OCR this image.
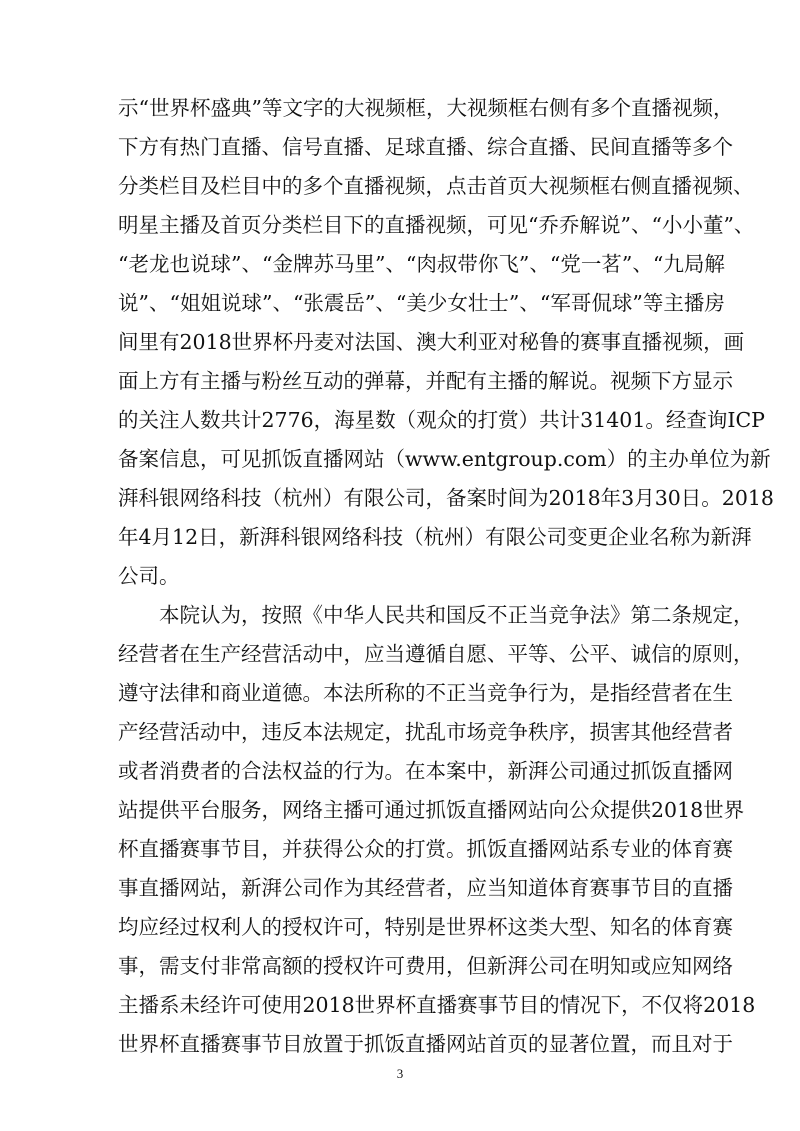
示“世界杯盛典”等文字的大视频框，大视频框右侧有多个直播视频，
下方有热门直播、信号直播、足球直播、综合直播、民间直播等多个
分类栏目及栏目中的多个直播视频，点击首页大视频框右侧直播视频、
明星主播及首页分类栏目下的直播视频，可见“乔乔解说”、“小小董”、
“老龙也说球”、“金牌苏马里”、“肉叔带你飞”、“党一茗”、“九局解
说”、“姐姐说球”、“张震岳”、“美少女壮士”、“军哥侃球”等主播房
间里有2018世界杯丹麦对法国、澳大利亚对秘鲁的赛事直播视频，画
面上方有主播与粉丝互动的弹幕，并配有主播的解说。视频下方显示
的关注人数共计2776，海星数（观众的打赏）共计31401。经查询ICP
备案信息，可见抓饭直播网站（www.entgroup.com）的主办单位为新
湃科银网络科技（杭州）有限公司，备案时间为2018年3月30日。2018
年4月12日，新湃科银网络科技（杭州）有限公司变更企业名称为新湃
公司。
　　本院认为，按照《中华人民共和国反不正当竞争法》第二条规定，
经营者在生产经营活动中，应当遵循自愿、平等、公平、诚信的原则，
遵守法律和商业道德。本法所称的不正当竞争行为，是指经营者在生
产经营活动中，违反本法规定，扰乱市场竞争秩序，损害其他经营者
或者消费者的合法权益的行为。在本案中，新湃公司通过抓饭直播网
站提供平台服务，网络主播可通过抓饭直播网站向公众提供2018世界
杯直播赛事节目，并获得公众的打赏。抓饭直播网站系专业的体育赛
事直播网站，新湃公司作为其经营者，应当知道体育赛事节目的直播
均应经过权利人的授权许可，特别是世界杯这类大型、知名的体育赛
事，需支付非常高额的授权许可费用，但新湃公司在明知或应知网络
主播系未经许可使用2018世界杯直播赛事节目的情况下，不仅将2018
世界杯直播赛事节目放置于抓饭直播网站首页的显著位置，而且对于
3
